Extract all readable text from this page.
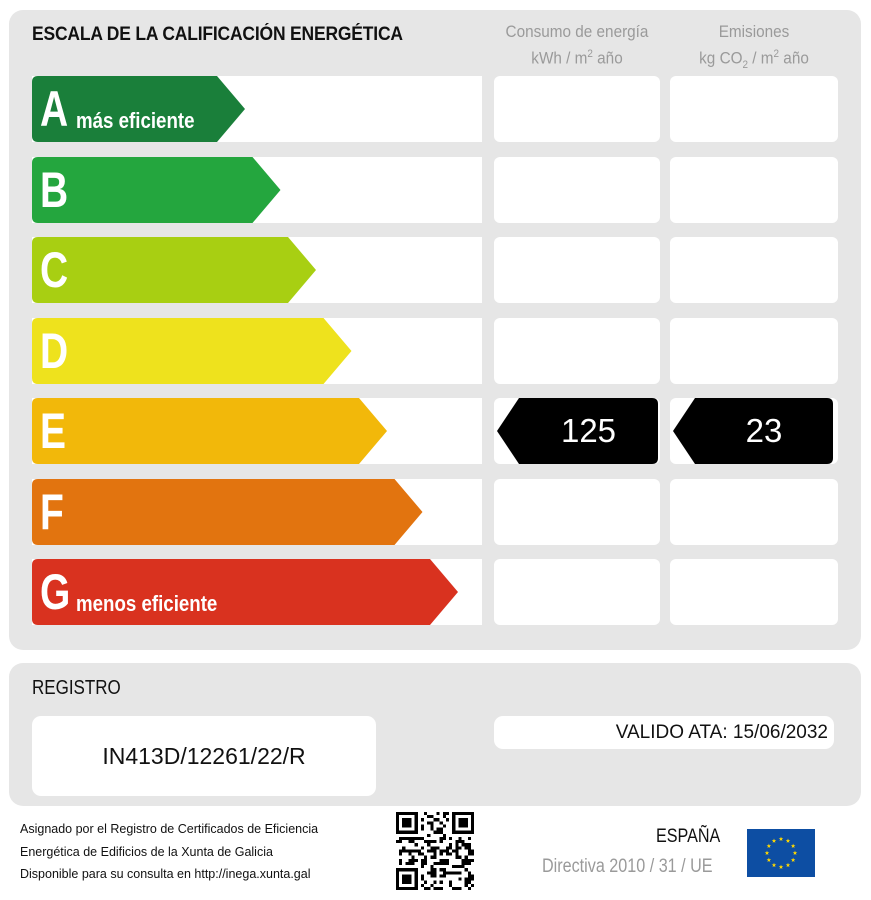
ESCALA DE LA CALIFICACIÓN ENERGÉTICA	Consumo de energía
kWh / $m^2$ año
Emisiones
kg $CO_2 / m^2$ año
A más eficiente
B
C
D
E	125	23
F
G menos eficiente
REGISTRO
IN413D/12261/22/R
VALIDO ATA: 15/06/2032
Asignado por el Registro de Certificados de Eficiencia
Energética de Edificios de la Xunta de Galicia
Disponible para su consulta en http://inega.xunta.gal
ESPAÑA
Directiva 2010 / 31 / UE
